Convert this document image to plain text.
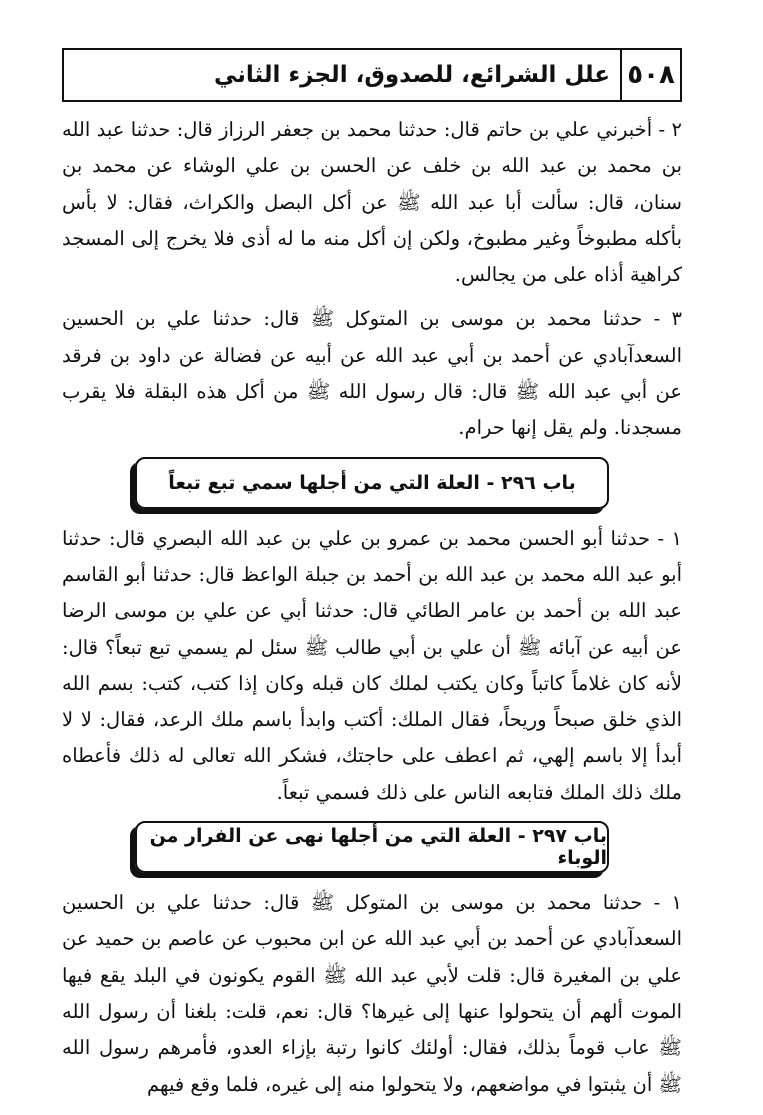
٥٠٨
علل الشرائع، للصدوق، الجزء الثاني

٢ - أخبرني علي بن حاتم قال: حدثنا محمد بن جعفر الرزاز قال: حدثنا عبد الله بن محمد بن عبد الله بن خلف عن الحسن بن علي الوشاء عن محمد بن سنان، قال: سألت أبا عبد الله ﷺ عن أكل البصل والكراث، فقال: لا بأس بأكله مطبوخاً وغير مطبوخ، ولكن إن أكل منه ما له أذى فلا يخرج إلى المسجد كراهية أذاه على من يجالس.

٣ - حدثنا محمد بن موسى بن المتوكل ﷺ قال: حدثنا علي بن الحسين السعدآبادي عن أحمد بن أبي عبد الله عن أبيه عن فضالة عن داود بن فرقد عن أبي عبد الله ﷺ قال: قال رسول الله ﷺ من أكل هذه البقلة فلا يقرب مسجدنا. ولم يقل إنها حرام.

باب ٢٩٦ - العلة التي من أجلها سمي تبع تبعاً

١ - حدثنا أبو الحسن محمد بن عمرو بن علي بن عبد الله البصري قال: حدثنا أبو عبد الله محمد بن عبد الله بن أحمد بن جبلة الواعظ قال: حدثنا أبو القاسم عبد الله بن أحمد بن عامر الطائي قال: حدثنا أبي عن علي بن موسى الرضا عن أبيه عن آبائه ﷺ أن علي بن أبي طالب ﷺ سئل لم يسمي تبع تبعاً؟ قال: لأنه كان غلاماً كاتباً وكان يكتب لملك كان قبله وكان إذا كتب، كتب: بسم الله الذي خلق صبحاً وريحاً، فقال الملك: أكتب وابدأ باسم ملك الرعد، فقال: لا لا أبدأ إلا باسم إلهي، ثم اعطف على حاجتك، فشكر الله تعالى له ذلك فأعطاه ملك ذلك الملك فتابعه الناس على ذلك فسمي تبعاً.

باب ٢٩٧ - العلة التي من أجلها نهى عن الفرار من الوباء

١ - حدثنا محمد بن موسى بن المتوكل ﷺ قال: حدثنا علي بن الحسين السعدآبادي عن أحمد بن أبي عبد الله عن ابن محبوب عن عاصم بن حميد عن علي بن المغيرة قال: قلت لأبي عبد الله ﷺ القوم يكونون في البلد يقع فيها الموت ألهم أن يتحولوا عنها إلى غيرها؟ قال: نعم، قلت: بلغنا أن رسول الله ﷺ عاب قوماً بذلك، فقال: أولئك كانوا رتبة بإزاء العدو، فأمرهم رسول الله ﷺ أن يثبتوا في مواضعهم، ولا يتحولوا منه إلى غيره، فلما وقع فيهم
